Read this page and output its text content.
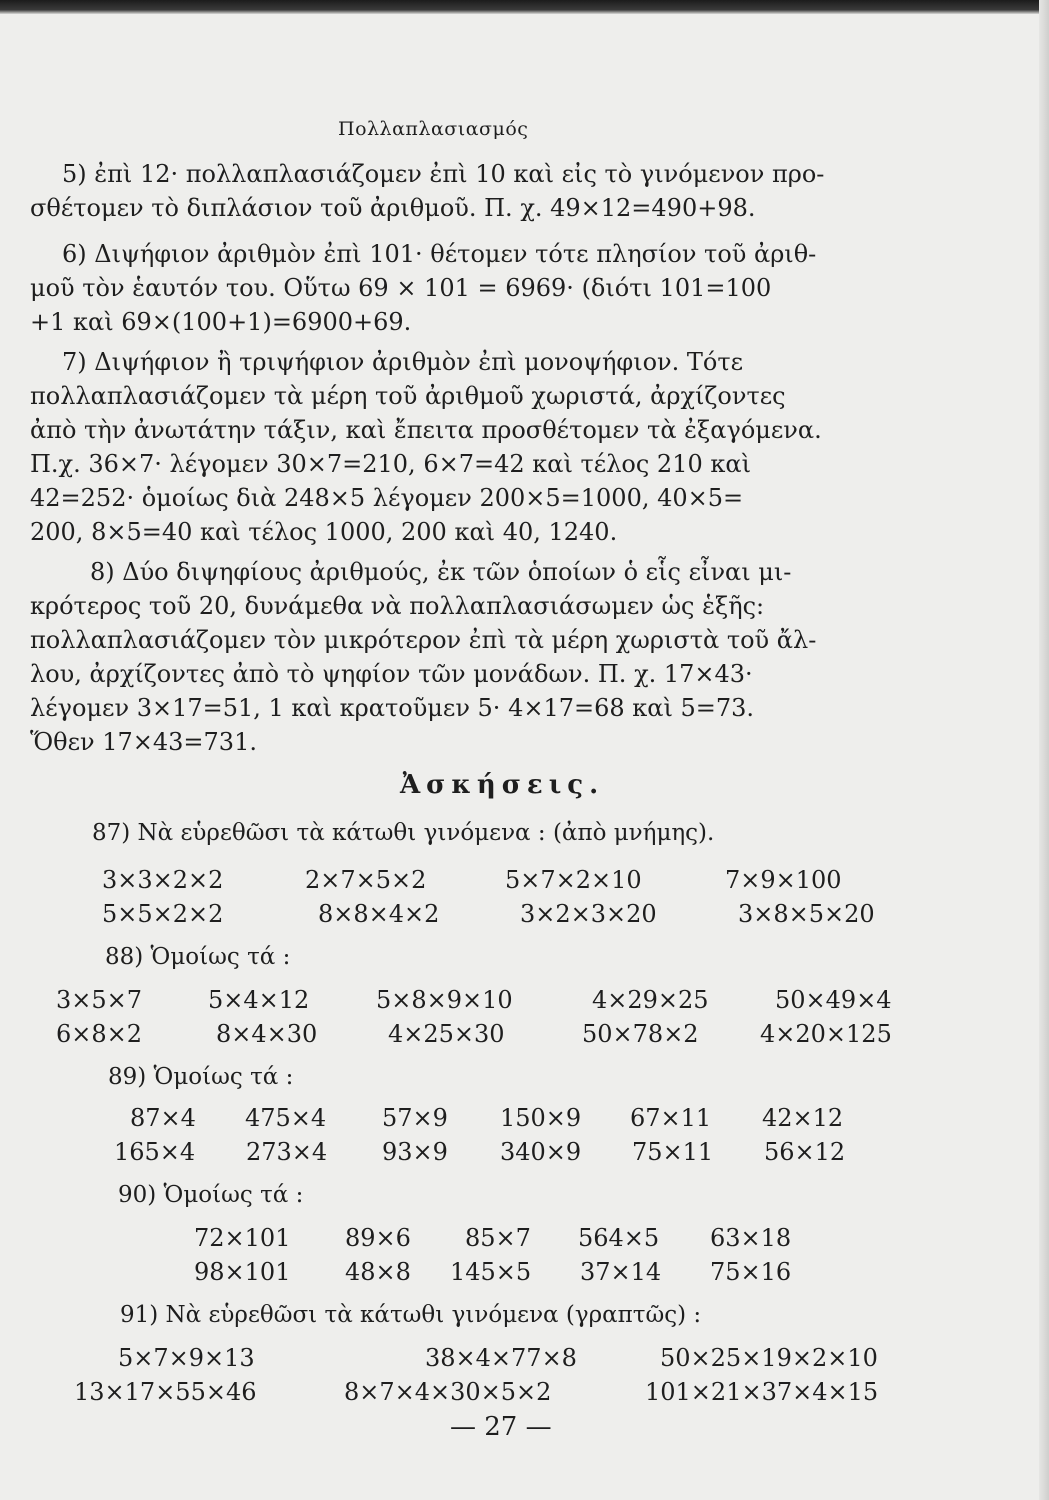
Πολλαπλασιασμός
5) ἐπὶ 12· πολλαπλασιάζομεν ἐπὶ 10 καὶ εἰς τὸ γινόμενον προ-
σθέτομεν τὸ διπλάσιον τοῦ ἀριθμοῦ. Π. χ. 49×12=490+98.
6) Διψήφιον ἀριθμὸν ἐπὶ 101· θέτομεν τότε πλησίον τοῦ ἀριθ-
μοῦ τὸν ἑαυτόν του. Οὕτω 69 × 101 = 6969· (διότι 101=100
+1 καὶ 69×(100+1)=6900+69.
7) Διψήφιον ἢ τριψήφιον ἀριθμὸν ἐπὶ μονοψήφιον. Τότε
πολλαπλασιάζομεν τὰ μέρη τοῦ ἀριθμοῦ χωριστά, ἀρχίζοντες
ἀπὸ τὴν ἀνωτάτην τάξιν, καὶ ἔπειτα προσθέτομεν τὰ ἐξαγόμενα.
Π.χ. 36×7· λέγομεν 30×7=210, 6×7=42 καὶ τέλος 210 καὶ
42=252· ὁμοίως διὰ 248×5 λέγομεν 200×5=1000, 40×5=
200, 8×5=40 καὶ τέλος 1000, 200 καὶ 40, 1240.
8) Δύο διψηφίους ἀριθμούς, ἐκ τῶν ὁποίων ὁ εἷς εἶναι μι-
κρότερος τοῦ 20, δυνάμεθα νὰ πολλαπλασιάσωμεν ὡς ἑξῆς:
πολλαπλασιάζομεν τὸν μικρότερον ἐπὶ τὰ μέρη χωριστὰ τοῦ ἄλ-
λου, ἀρχίζοντες ἀπὸ τὸ ψηφίον τῶν μονάδων. Π. χ. 17×43·
λέγομεν 3×17=51, 1 καὶ κρατοῦμεν 5· 4×17=68 καὶ 5=73.
Ὅθεν 17×43=731.
Ἀσκήσεις.
87) Νὰ εὑρεθῶσι τὰ κάτωθι γινόμενα : (ἀπὸ μνήμης).
3×3×2×2	2×7×5×2	5×7×2×10	7×9×100
5×5×2×2	8×8×4×2	3×2×3×20	3×8×5×20
88) Ὁμοίως τά :
3×5×7	5×4×12	5×8×9×10	4×29×25	50×49×4
6×8×2	8×4×30	4×25×30	50×78×2	4×20×125
89) Ὁμοίως τά :
87×4 475×4 57×9 150×9 67×11 42×12
165×4 273×4 93×9 340×9 75×11 56×12
90) Ὁμοίως τά :
72×101 89×6 85×7 564×5 63×18
98×101 48×8 145×5 37×14 75×16
91) Νὰ εὑρεθῶσι τὰ κάτωθι γινόμενα (γραπτῶς) :
5×7×9×13	38×4×77×8	50×25×19×2×10
13×17×55×46	8×7×4×30×5×2	101×21×37×4×15
— 27 —
